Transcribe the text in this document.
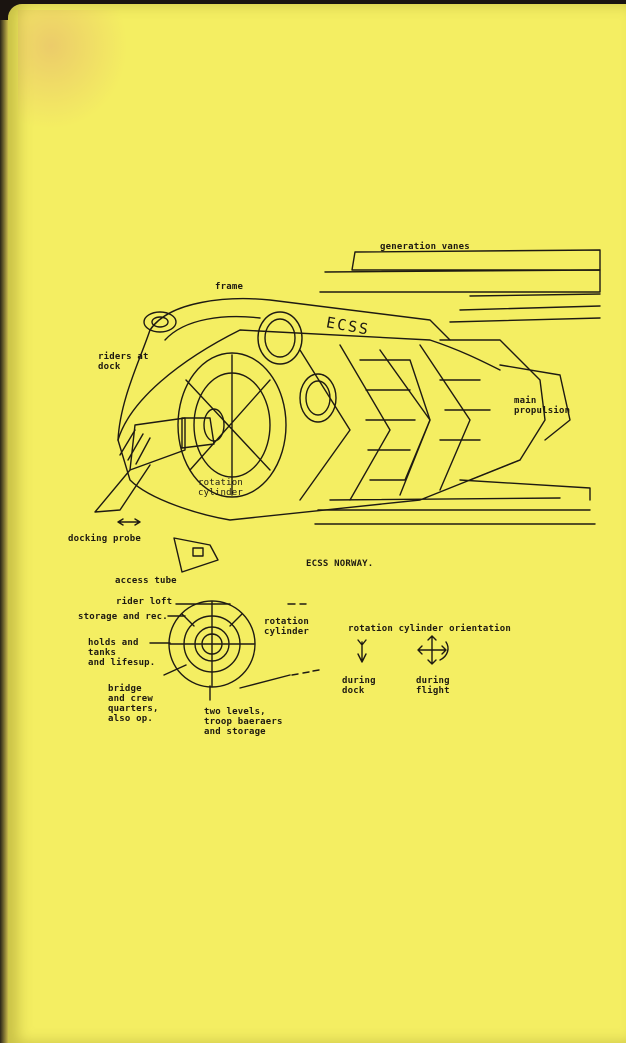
generation vanes
frame
riders at
dock
ECSS
main
propulsion
rotation
cylinder
docking probe
ECSS NORWAY.
access tube
rider loft
storage and rec.	rotation
cylinder
holds and
tanks
and lifesup.
bridge
and crew
quarters,
also op.
two levels,
troop baeraers
and storage
rotation cylinder orientation
during
dock
during
flight
